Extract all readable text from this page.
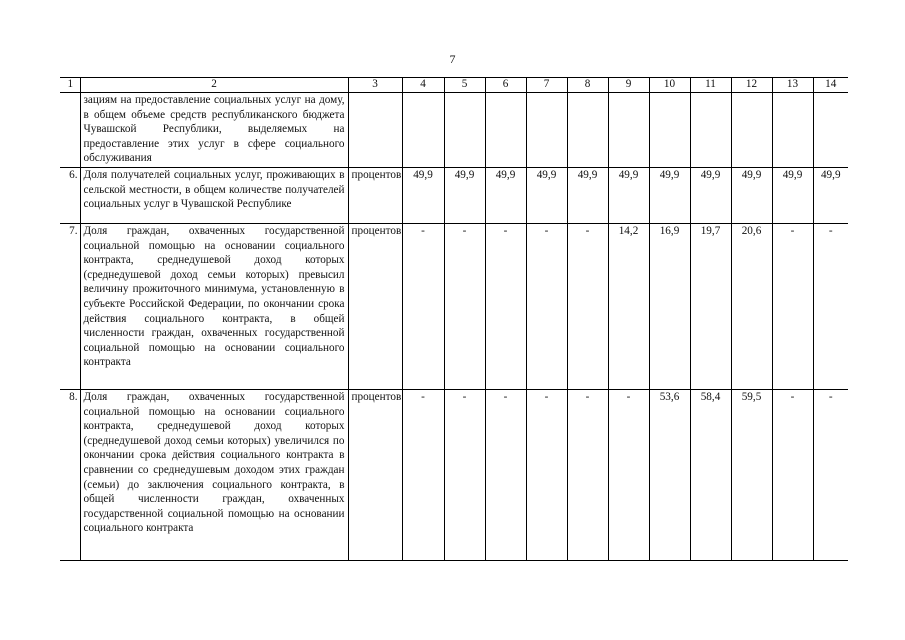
7
1	2	3	4	5	6	7	8	9	10	11	12	13	14
	зациям на предоставление социальных услуг на дому, в общем объеме средств республиканского бюджета Чувашской Республики, выделяемых на предоставление этих услуг в сфере социального обслуживания												
6.	Доля получателей социальных услуг, проживающих в сельской местности, в общем количестве получателей социальных услуг в Чувашской Республике	процентов	49,9	49,9	49,9	49,9	49,9	49,9	49,9	49,9	49,9	49,9	49,9
7.	Доля граждан, охваченных государственной социальной помощью на основании социального контракта, среднедушевой доход которых (среднедушевой доход семьи которых) превысил величину прожиточного минимума, установленную в субъекте Российской Федерации, по окончании срока действия социального контракта, в общей численности граждан, охваченных государственной социальной помощью на основании социального контракта	процентов	-	-	-	-	-	14,2	16,9	19,7	20,6	-	-
8.	Доля граждан, охваченных государственной социальной помощью на основании социального контракта, среднедушевой доход которых (среднедушевой доход семьи которых) увеличился по окончании срока действия социального контракта в сравнении со среднедушевым доходом этих граждан (семьи) до заключения социального контракта, в общей численности граждан, охваченных государственной социальной помощью на основании социального контракта	процентов	-	-	-	-	-	-	53,6	58,4	59,5	-	-
